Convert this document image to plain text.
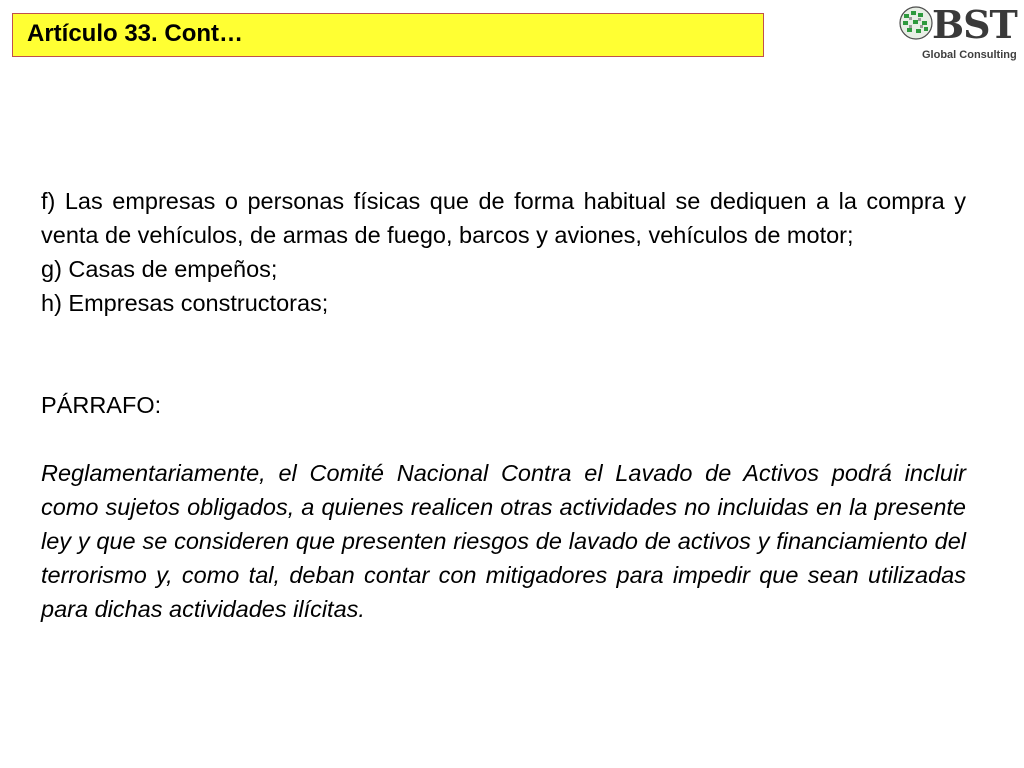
Artículo 33. Cont…	BST
Global Consulting

f) Las empresas o personas físicas que de forma habitual se dediquen a la compra y venta de vehículos, de armas de fuego, barcos y aviones, vehículos de motor;

g) Casas de empeños;

h) Empresas constructoras;

PÁRRAFO:

Reglamentariamente, el Comité Nacional Contra el Lavado de Activos podrá incluir como sujetos obligados, a quienes realicen otras actividades no incluidas en la presente ley y que se consideren que presenten riesgos de lavado de activos y financiamiento del terrorismo y, como tal, deban contar con mitigadores para impedir que sean utilizadas para dichas actividades ilícitas.
